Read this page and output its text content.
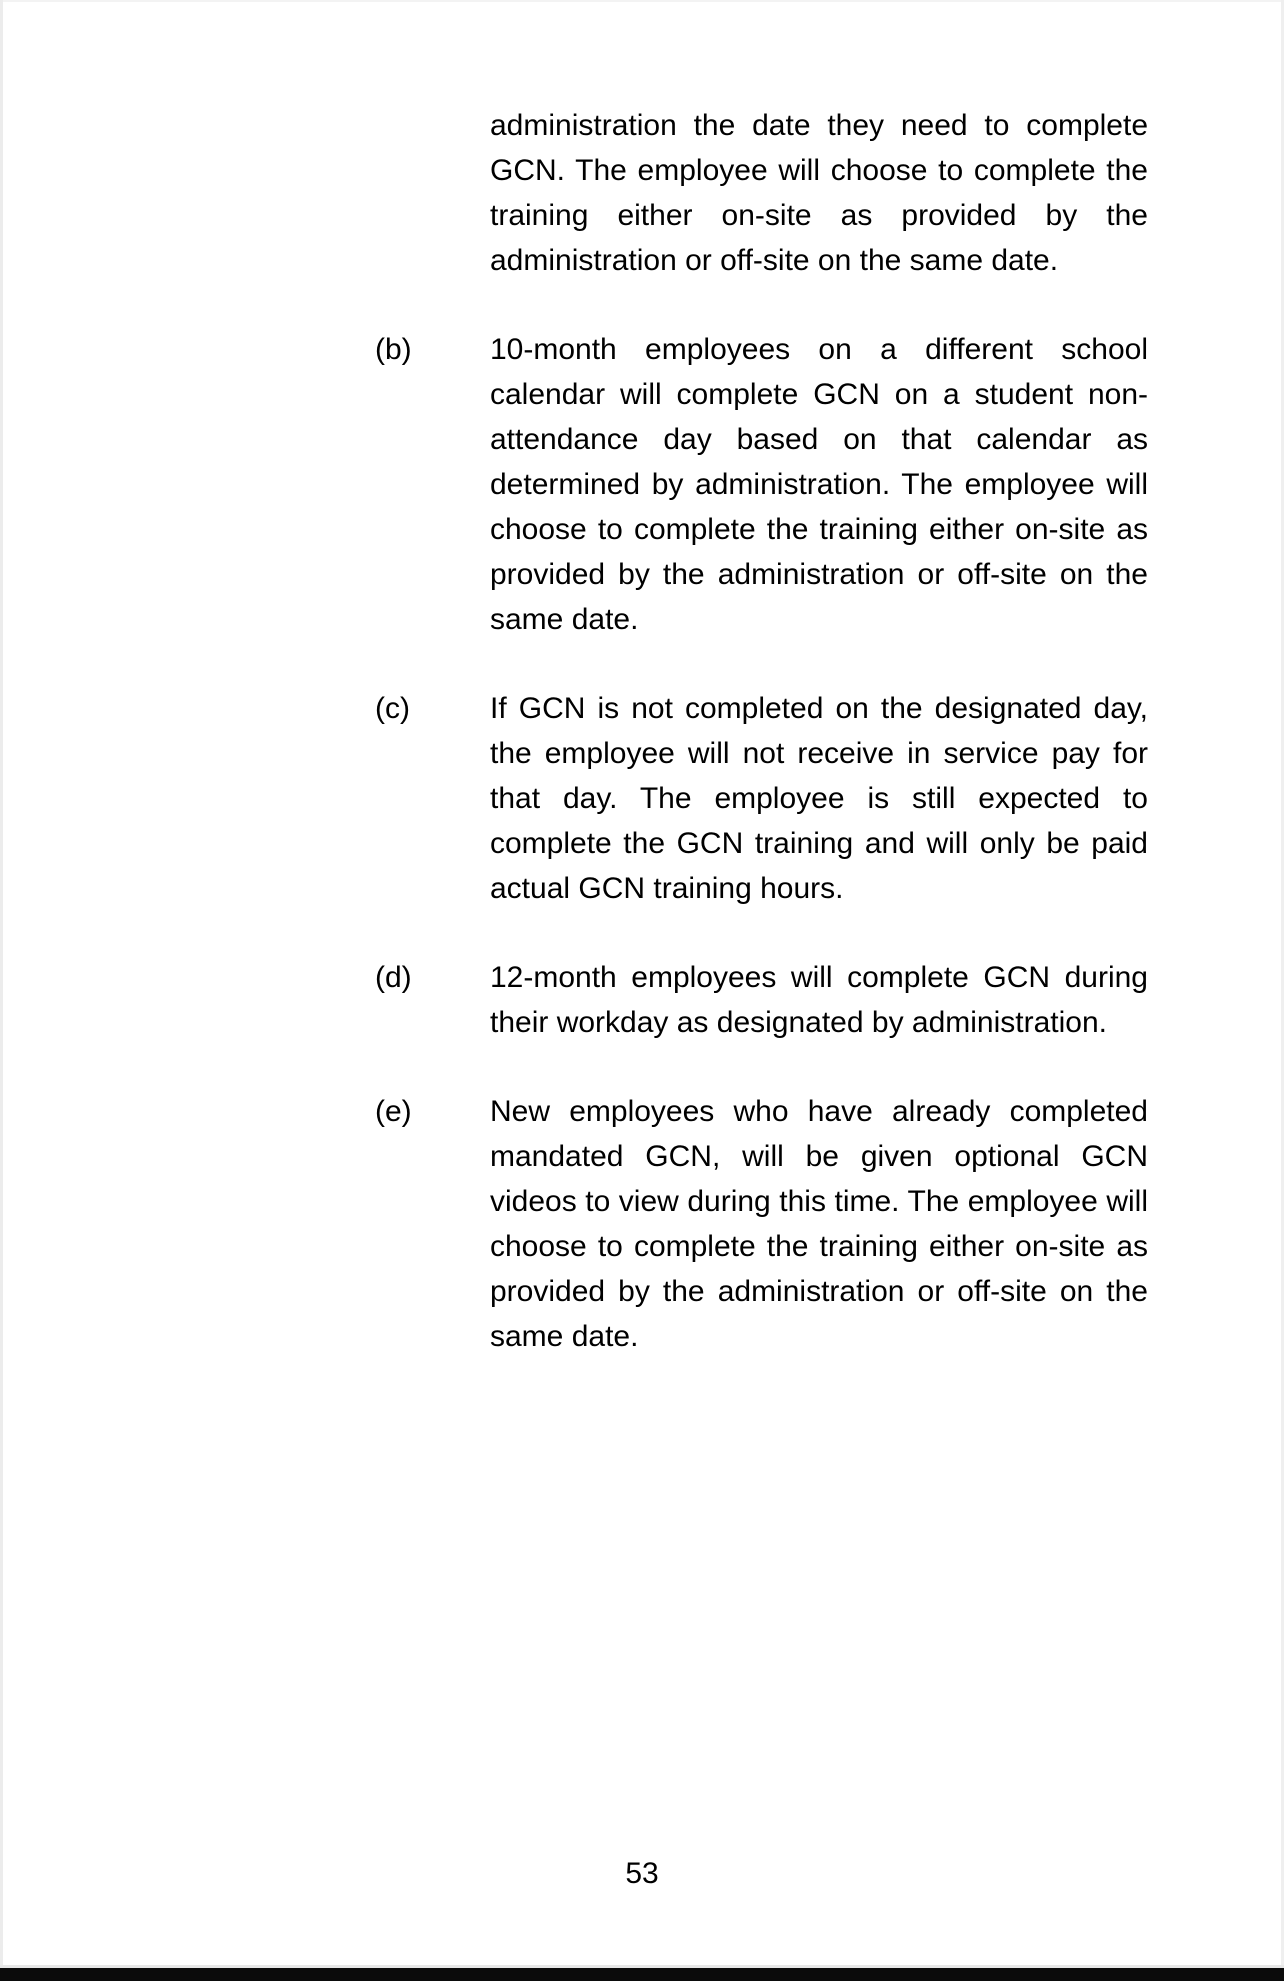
administration the date they need to complete GCN. The employee will choose to complete the training either on-site as provided by the administration or off-site on the same date.
(b)	10-month employees on a different school calendar will complete GCN on a student non-attendance day based on that calendar as determined by administration. The employee will choose to complete the training either on-site as provided by the administration or off-site on the same date.
(c)	If GCN is not completed on the designated day, the employee will not receive in service pay for that day. The employee is still expected to complete the GCN training and will only be paid actual GCN training hours.
(d)	12-month employees will complete GCN during their workday as designated by administration.
(e)	New employees who have already completed mandated GCN, will be given optional GCN videos to view during this time. The employee will choose to complete the training either on-site as provided by the administration or off-site on the same date.
53
